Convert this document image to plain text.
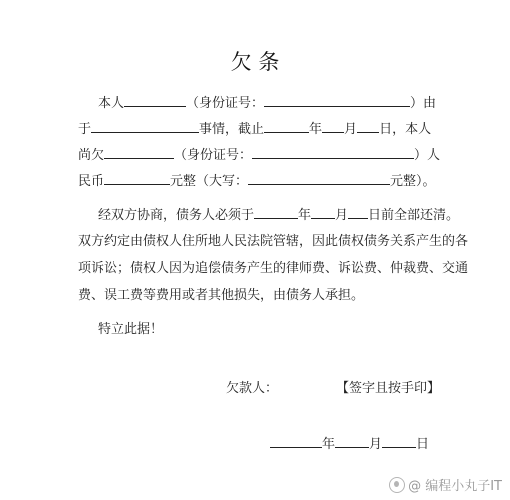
欠 条
本人	（身份证号：	）由
于	事情，截止	年 月 日，本人
尚欠	（身份证号：	）人
民币	元整（大写：	元整）。
经双方协商，债务人必须于	年 月 日前全部还清。
双方约定由债权人住所地人民法院管辖，因此债权债务关系产生的各
项诉讼；债权人因为追偿债务产生的律师费、诉讼费、仲裁费、交通
费、误工费等费用或者其他损失，由债务人承担。
特立此据！
欠款人：	【签字且按手印】
年	月	日
@ 编程小丸子IT
